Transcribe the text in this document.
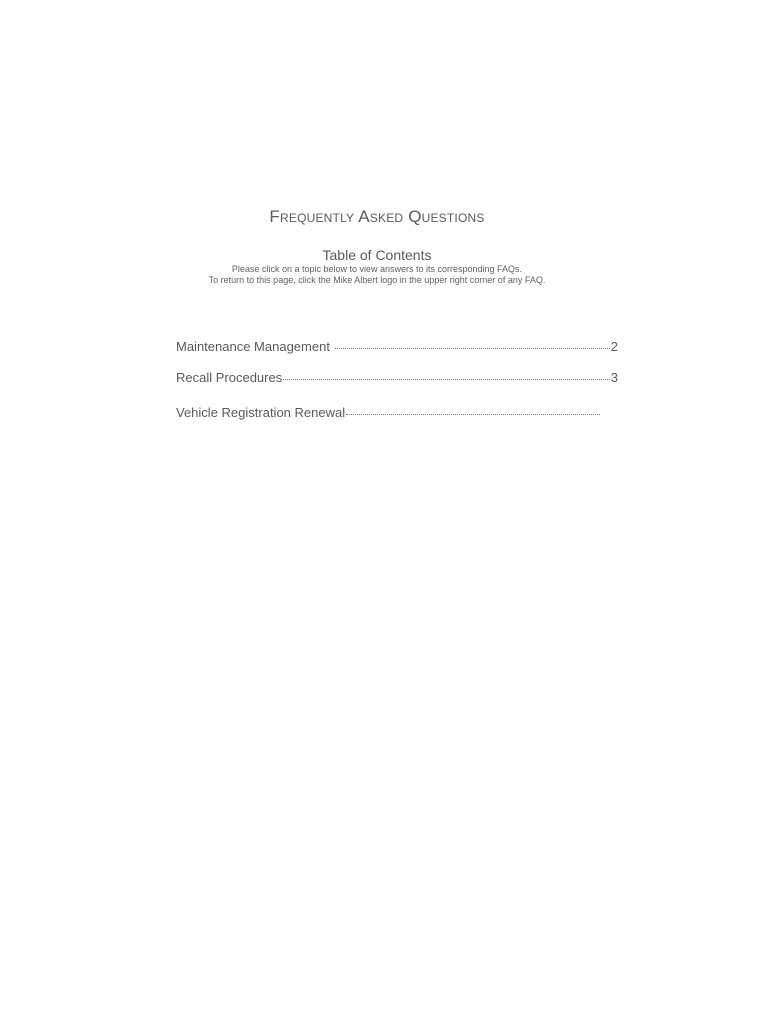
Frequently Asked Questions
Table of Contents
Please click on a topic below to view answers to its corresponding FAQs.
To return to this page, click the Mike Albert logo in the upper right corner of any FAQ.
Maintenance Management	2
Recall Procedures	3
Vehicle Registration Renewal
